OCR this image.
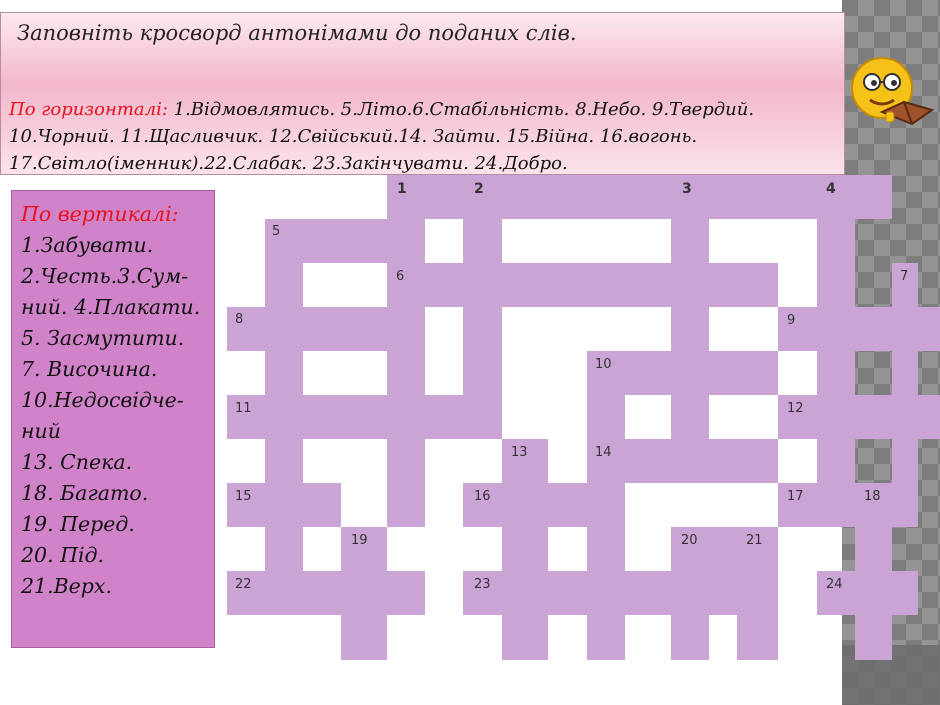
Заповніть кросворд антонімами до поданих слів.
По горизонталі: 1.Відмовлятись. 5.Літо.6.Стабільність. 8.Небо. 9.Твердий.
10.Чорний. 11.Щасливчик. 12.Свійський.14. Зайти. 15.Війна. 16.вогонь.
17.Світло(іменник).22.Слабак. 23.Закінчувати. 24.Добро.
По вертикалі:
1.Забувати.
2.Честь.3.Сум-
ний. 4.Плакати.
5. Засмутити.
7. Височина.
10.Недосвідче-
ний
13. Спека.
18. Багато.
19. Перед.
20. Під.
21.Верх.
1	2	3	4
5
6	7
8	9
10
11	12
13	14
15	16	17	18
19	20	21
22	23	24
